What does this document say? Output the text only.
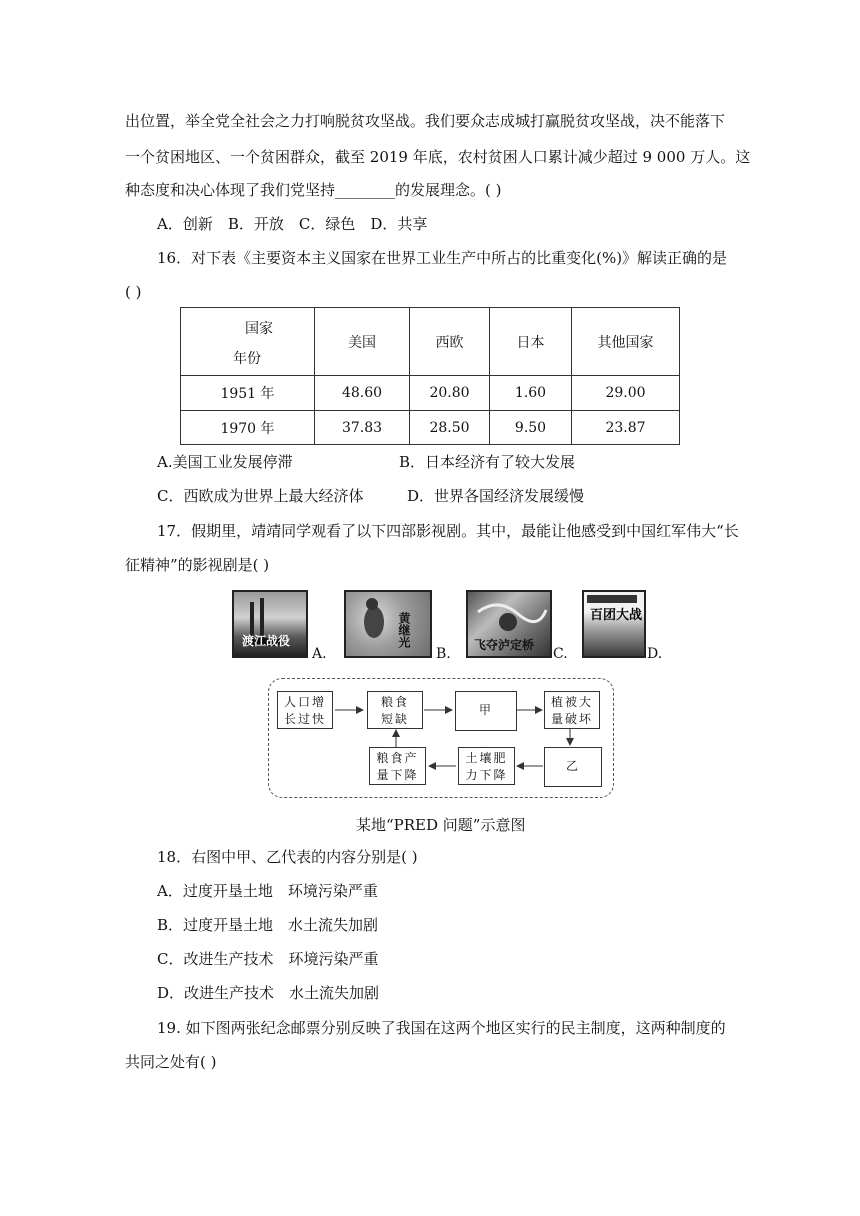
出位置，举全党全社会之力打响脱贫攻坚战。我们要众志成城打赢脱贫攻坚战，决不能落下
一个贫困地区、一个贫困群众，截至 2019 年底，农村贫困人口累计减少超过 9 000 万人。这
种态度和决心体现了我们党坚持________的发展理念。( )
A．创新　B．开放　C．绿色　D．共享
16．对下表《主要资本主义国家在世界工业生产中所占的比重变化(%)》解读正确的是
( )
国家
年份	美国	西欧	日本	其他国家
1951 年	48.60	20.80	1.60	29.00
1970 年	37.83	28.50	9.50	23.87
A.美国工业发展停滞	B．日本经济有了较大发展
C．西欧成为世界上最大经济体	D．世界各国经济发展缓慢
17．假期里，靖靖同学观看了以下四部影视剧。其中，最能让他感受到中国红军伟大“长
征精神”的影视剧是( )
渡江战役
A.
黄继光
B.
飞夺泸定桥
C.
百团大战
D.
人口增
长过快
粮食
短缺
甲
植被大
量破坏
乙
土壤肥
力下降
粮食产
量下降
某地“PRED 问题”示意图
18．右图中甲、乙代表的内容分别是( )
A．过度开垦土地　环境污染严重
B．过度开垦土地　水土流失加剧
C．改进生产技术　环境污染严重
D．改进生产技术　水土流失加剧
19. 如下图两张纪念邮票分别反映了我国在这两个地区实行的民主制度，这两种制度的
共同之处有( )
